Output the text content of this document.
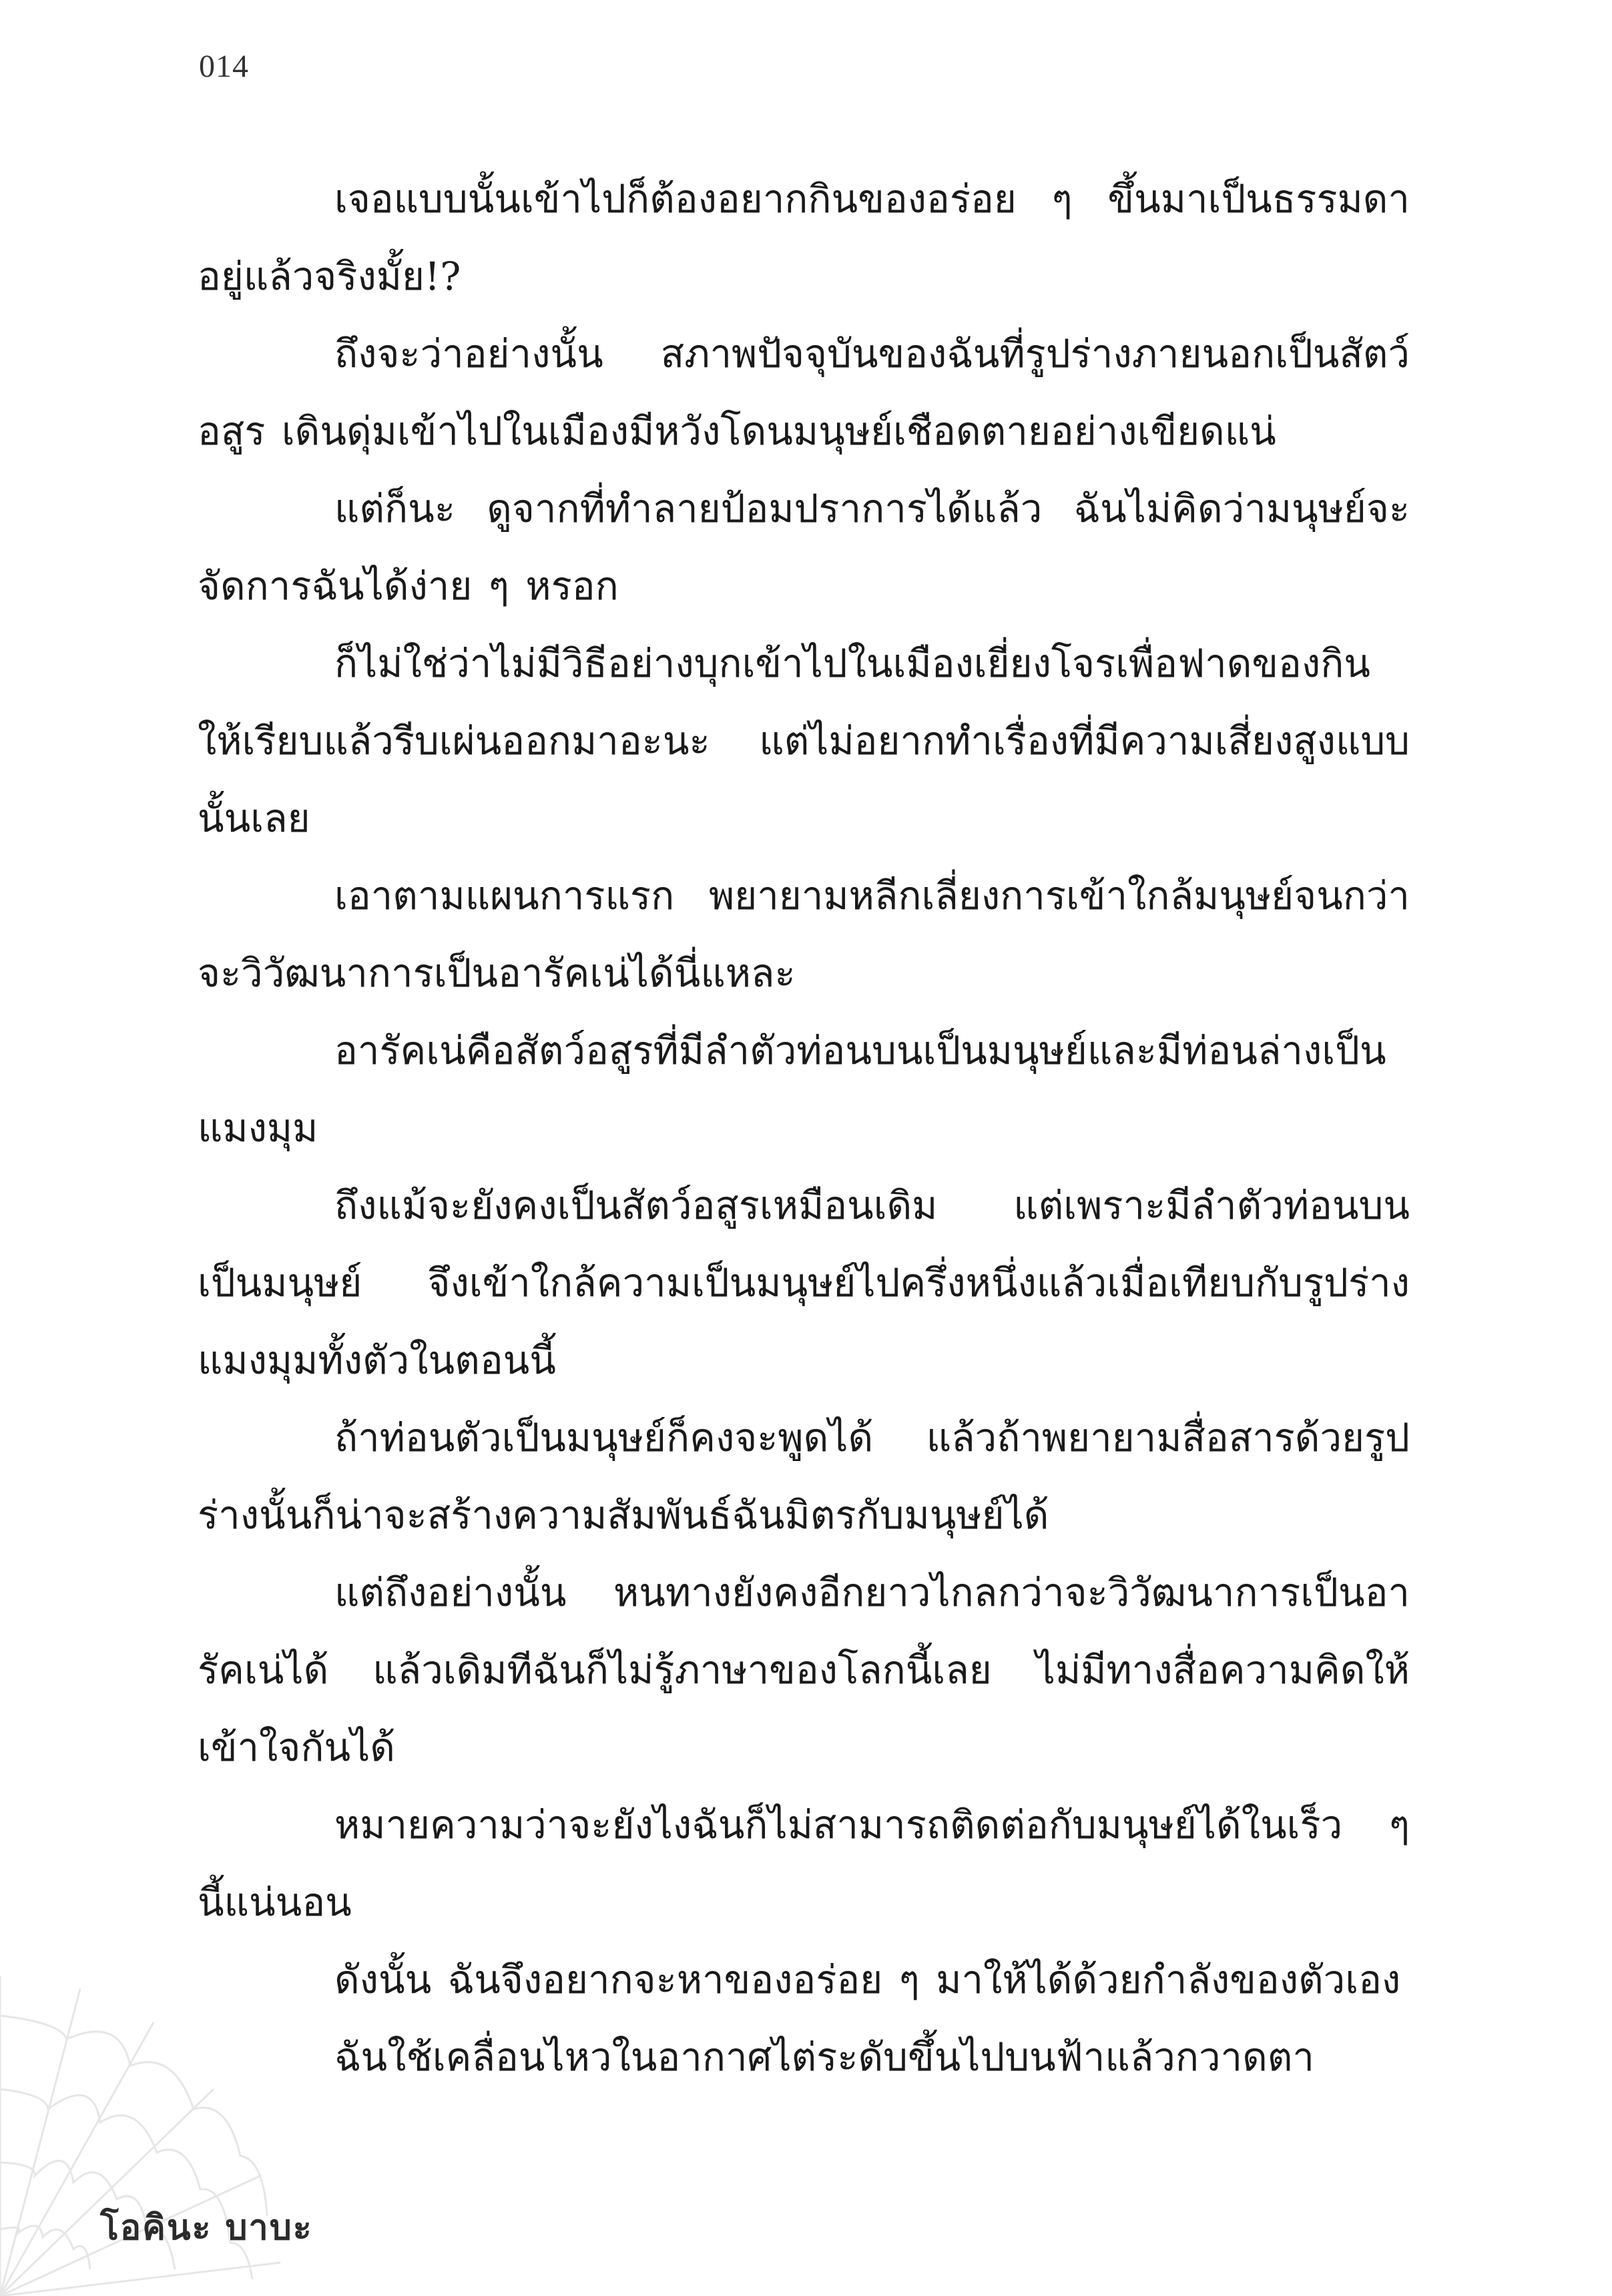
014

เจอแบบนั้นเข้าไปก็ต้องอยากกินของอร่อย ๆ ขึ้นมาเป็นธรรมดาอยู่แล้วจริงมั้ย!?

ถึงจะว่าอย่างนั้น สภาพปัจจุบันของฉันที่รูปร่างภายนอกเป็นสัตว์อสูร เดินดุ่มเข้าไปในเมืองมีหวังโดนมนุษย์เชือดตายอย่างเขียดแน่

แต่ก็นะ ดูจากที่ทำลายป้อมปราการได้แล้ว ฉันไม่คิดว่ามนุษย์จะจัดการฉันได้ง่าย ๆ หรอก

ก็ไม่ใช่ว่าไม่มีวิธีอย่างบุกเข้าไปในเมืองเยี่ยงโจรเพื่อฟาดของกินให้เรียบแล้วรีบเผ่นออกมาอะนะ แต่ไม่อยากทำเรื่องที่มีความเสี่ยงสูงแบบนั้นเลย

เอาตามแผนการแรก พยายามหลีกเลี่ยงการเข้าใกล้มนุษย์จนกว่าจะวิวัฒนาการเป็นอารัคเน่ได้นี่แหละ

อารัคเน่คือสัตว์อสูรที่มีลำตัวท่อนบนเป็นมนุษย์และมีท่อนล่างเป็นแมงมุม

ถึงแม้จะยังคงเป็นสัตว์อสูรเหมือนเดิม แต่เพราะมีลำตัวท่อนบนเป็นมนุษย์ จึงเข้าใกล้ความเป็นมนุษย์ไปครึ่งหนึ่งแล้วเมื่อเทียบกับรูปร่างแมงมุมทั้งตัวในตอนนี้

ถ้าท่อนตัวเป็นมนุษย์ก็คงจะพูดได้ แล้วถ้าพยายามสื่อสารด้วยรูปร่างนั้นก็น่าจะสร้างความสัมพันธ์ฉันมิตรกับมนุษย์ได้

แต่ถึงอย่างนั้น หนทางยังคงอีกยาวไกลกว่าจะวิวัฒนาการเป็นอารัคเน่ได้ แล้วเดิมทีฉันก็ไม่รู้ภาษาของโลกนี้เลย ไม่มีทางสื่อความคิดให้เข้าใจกันได้

หมายความว่าจะยังไงฉันก็ไม่สามารถติดต่อกับมนุษย์ได้ในเร็ว ๆ นี้แน่นอน

ดังนั้น ฉันจึงอยากจะหาของอร่อย ๆ มาให้ได้ด้วยกำลังของตัวเอง

ฉันใช้เคลื่อนไหวในอากาศไต่ระดับขึ้นไปบนฟ้าแล้วกวาดตา

โอคินะ บาบะ
